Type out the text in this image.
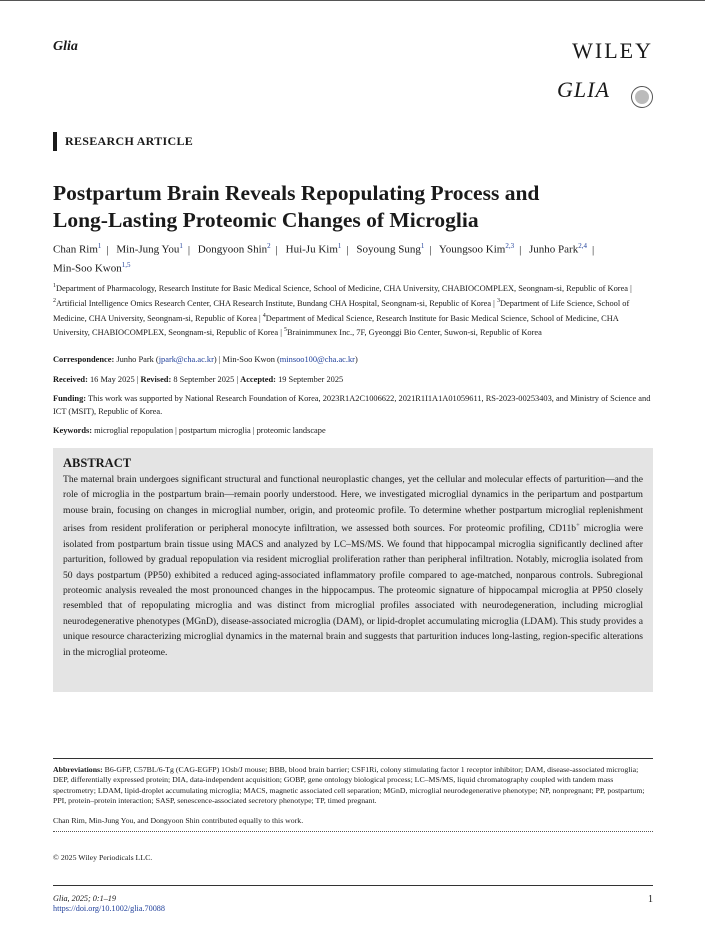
Glia	WILEY
GLIA
RESEARCH ARTICLE
Postpartum Brain Reveals Repopulating Process and
Long-Lasting Proteomic Changes of Microglia
Chan Rim$^1$ | Min-Jung You$^1$ | Dongyoon Shin$^2$ | Hui-Ju Kim$^1$ | Soyoung Sung$^1$ | Youngsoo Kim$^{2,3}$ | Junho Park$^{2,4}$ |
Min-Soo Kwon$^{1,5}$
$^1$Department of Pharmacology, Research Institute for Basic Medical Science, School of Medicine, CHA University, CHABIOCOMPLEX, Seongnam-si, Republic of Korea | $^2$Artificial Intelligence Omics Research Center, CHA Research Institute, Bundang CHA Hospital, Seongnam-si, Republic of Korea | $^3$Department of Life Science, School of Medicine, CHA University, Seongnam-si, Republic of Korea | $^4$Department of Medical Science, Research Institute for Basic Medical Science, School of Medicine, CHA University, CHABIOCOMPLEX, Seongnam-si, Republic of Korea | $^5$Brainimmunex Inc., 7F, Gyeonggi Bio Center, Suwon-si, Republic of Korea
Correspondence: Junho Park (jpark@cha.ac.kr) | Min-Soo Kwon (minsoo100@cha.ac.kr)
Received: 16 May 2025 | Revised: 8 September 2025 | Accepted: 19 September 2025
Funding: This work was supported by National Research Foundation of Korea, 2023R1A2C1006622, 2021R1I1A1A01059611, RS-2023-00253403, and Ministry of Science and ICT (MSIT), Republic of Korea.
Keywords: microglial repopulation | postpartum microglia | proteomic landscape
ABSTRACT
The maternal brain undergoes significant structural and functional neuroplastic changes, yet the cellular and molecular effects of parturition—and the role of microglia in the postpartum brain—remain poorly understood. Here, we investigated microglial dynamics in the peripartum and postpartum mouse brain, focusing on changes in microglial number, origin, and proteomic profile. To determine whether postpartum microglial replenishment arises from resident proliferation or peripheral monocyte infiltration, we assessed both sources. For proteomic profiling, CD11b+ microglia were isolated from postpartum brain tissue using MACS and analyzed by LC–MS/MS. We found that hippocampal microglia significantly declined after parturition, followed by gradual repopulation via resident microglial proliferation rather than peripheral infiltration. Notably, microglia isolated from 50 days postpartum (PP50) exhibited a reduced aging-associated inflammatory profile compared to age-matched, nonparous controls. Subregional proteomic analysis revealed the most pronounced changes in the hippocampus. The proteomic signature of hippocampal microglia at PP50 closely resembled that of repopulating microglia and was distinct from microglial profiles associated with neurodegeneration, including microglial neurodegenerative phenotypes (MGnD), disease-associated microglia (DAM), or lipid-droplet accumulating microglia (LDAM). This study provides a unique resource characterizing microglial dynamics in the maternal brain and suggests that parturition induces long-lasting, region-specific alterations in the microglial proteome.
Abbreviations: B6-GFP, C57BL/6-Tg (CAG-EGFP) 1Osb/J mouse; BBB, blood brain barrier; CSF1Ri, colony stimulating factor 1 receptor inhibitor; DAM, disease-associated microglia; DEP, differentially expressed protein; DIA, data-independent acquisition; GOBP, gene ontology biological process; LC–MS/MS, liquid chromatography coupled with tandem mass spectrometry; LDAM, lipid-droplet accumulating microglia; MACS, magnetic associated cell separation; MGnD, microglial neurodegenerative phenotype; NP, nonpregnant; PP, postpartum; PPI, protein–protein interaction; SASP, senescence-associated secretory phenotype; TP, timed pregnant.
Chan Rim, Min-Jung You, and Dongyoon Shin contributed equally to this work.
© 2025 Wiley Periodicals LLC.
Glia, 2025; 0:1–19
https://doi.org/10.1002/glia.70088
1
